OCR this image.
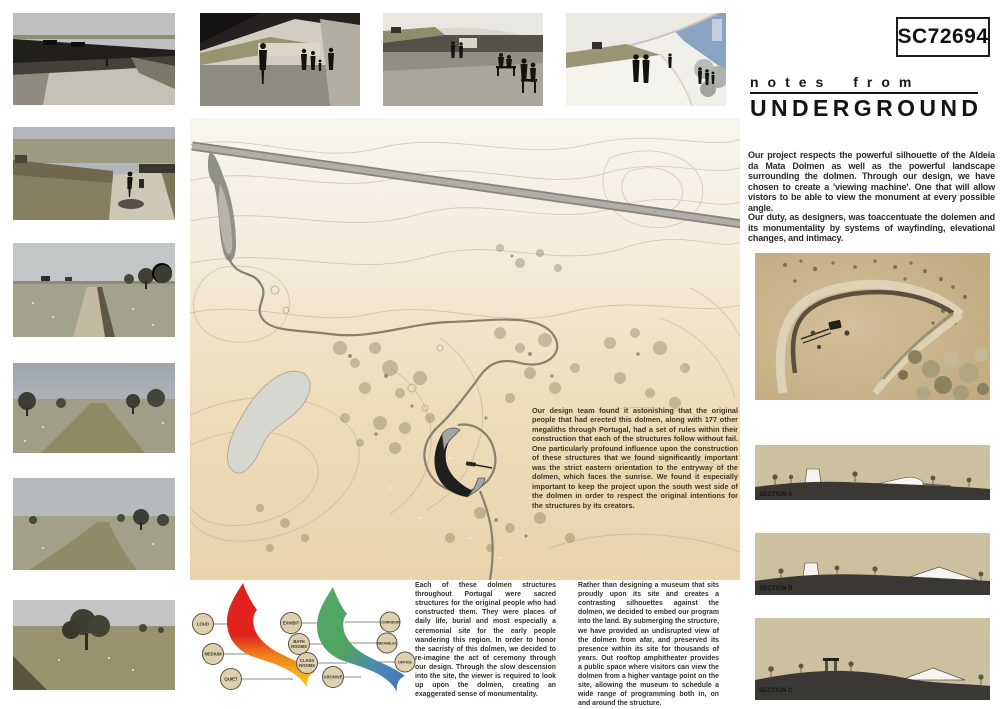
SC72694
notes from
UNDERGROUND
Our project respects the powerful silhouette of the Aldeia da Mata Dolmen as well as the powerful landscape surrounding the dolmen. Through our design, we have chosen to create a 'viewing machine'. One that will allow vistors to be able to view the monument at every possible angle.
Our duty, as designers, was toaccentuate the dolemen and its monumentality by systems of wayfinding, elevational changes, and intimacy.
Our design team found it astonishing that the original people that had erected this dolmen, along with 177 other megaliths through Portugal, had a set of rules within their construction that each of the structures follow without fail. One particularly profound influence upon the construction of these structures that we found significantly important was the strict eastern orientation to the entryway of the dolmen, which faces the sunrise. We found it especially important to keep the project upon the south west side of the dolmen in order to respect the original intentions for the structures by its creators.
SECTION A
SECTION B
SECTION C
LOUD
MEDIUM
QUIET
EXHIBIT
BATH
ROOMS
CLASS
ROOMS
ARCHIVE
CORRIDOR
MECH/ELEC
OFFICE
Each of these dolmen structures throughout Portugal were sacred structures for the original people who had constructed them. They were places of daily life, burial and most especially a ceremonial site for the early people wandering this region. In order to honor the sacristy of this dolmen, we decided to re-imagine the act of ceremony through our design. Through the slow descension into the site, the viewer is required to look up upon the dolmen, creating an exaggerated sense of monumentality.
Rather than designing a museum that sits proudly upon its site and creates a contrasting silhouettes against the dolmen, we decided to embed our program into the land. By submerging the structure, we have provided an undisrupted view of the dolmen from afar, and preserved its presence within its site for thousands of years. Out rooftop amphitheater provides a public space where visitors can view the dolmen from a higher vantage point on the site, allowing the museum to schedule a wide range of programming both in, on and around the structure.
